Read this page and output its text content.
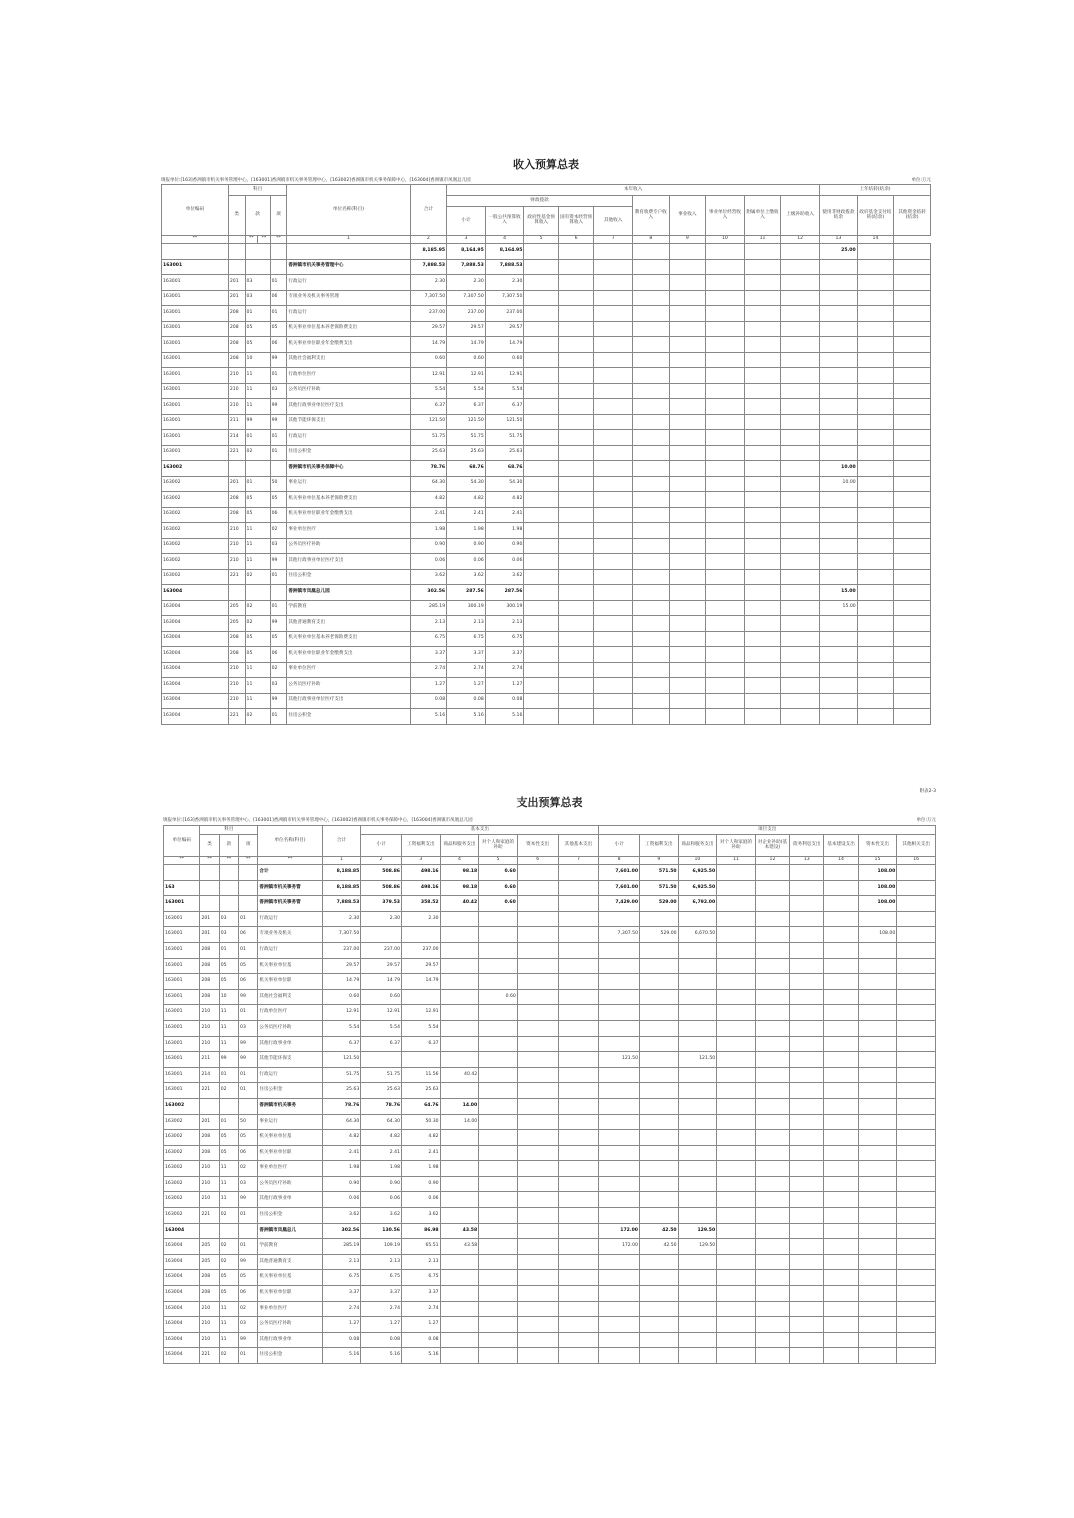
收入预算总表
填报单位:[163]香洲镇市机关事务管理中心，[163001]香洲镇市机关事务管理中心，[163002]香洲镇市机关事务保障中心，[163004]香洲镇市凤凰总儿园	单位:万元
单位编码	科目				单位名称(科目)	合计	本年收入										上年结转(结余)		
	类	款		项			财政拨款					教育收费专户收入	事业收入	事业单位经营收入	附属单位上缴收入	上级补助收入	使用非财政拨款结余	政府基金支付结转(结余)	其他资金结转(结余)
							小计	一般公共预算收入	政府性基金预算收入	国有资本经营预算收入	其他收入								

**		**	**	**	1	2	3	4	5	6	7	8	9	10	11	12	13	14	
						8,185.95	8,164.95	8,164.95									25.00		
163001					香洲镇市机关事务管理中心	7,888.53	7,888.53	7,888.53											
163001	201	03		01	行政运行	2.30	2.30	2.30											
163001	201	03		06	专项业务及机关事务管理	7,307.50	7,307.50	7,307.50											
163001	208	01		01	行政运行	237.00	237.00	237.00											
163001	208	05		05	机关事业单位基本养老保险费支出	29.57	29.57	29.57											
163001	208	05		06	机关事业单位职业年金缴费支出	14.79	14.79	14.79											
163001	208	10		99	其他社会福利支出	0.60	0.60	0.60											
163001	210	11		01	行政单位医疗	12.91	12.91	12.91											
163001	210	11		03	公务员医疗补助	5.54	5.54	5.54											
163001	210	11		99	其他行政事业单位医疗支出	6.37	6.37	6.37											
163001	211	99		99	其他节能环保支出	121.50	121.50	121.50											
163001	214	01		01	行政运行	51.75	51.75	51.75											
163001	221	02		01	住房公积金	25.63	25.63	25.63											
163002					香洲镇市机关事务保障中心	78.76	68.76	68.76									10.00		
163002	201	01		50	事业运行	64.30	54.30	54.30									10.00		
163002	208	05		05	机关事业单位基本养老保险费支出	4.82	4.82	4.82											
163002	208	05		06	机关事业单位职业年金缴费支出	2.41	2.41	2.41											
163002	210	11		02	事业单位医疗	1.98	1.98	1.98											
163002	210	11		03	公务员医疗补助	0.90	0.90	0.90											
163002	210	11		99	其他行政事业单位医疗支出	0.06	0.06	0.06											
163002	221	02		01	住房公积金	3.62	3.62	3.62											
163004					香洲镇市凤凰总儿园	302.56	287.56	287.56									15.00		
163004	205	02		01	学前教育	285.19	300.19	300.19									15.00		
163004	205	02		99	其他普通教育支出	2.13	2.13	2.13											
163004	208	05		05	机关事业单位基本养老保险费支出	6.75	6.75	6.75											
163004	208	05		06	机关事业单位职业年金缴费支出	3.37	3.37	3.37											
163004	210	11		02	事业单位医疗	2.74	2.74	2.74											
163004	210	11		03	公务员医疗补助	1.27	1.27	1.27											
163004	210	11		99	其他行政事业单位医疗支出	0.08	0.08	0.08											
163004	221	02		01	住房公积金	5.16	5.16	5.16											
附表2-3
支出预算总表
填报单位:[163]香洲镇市机关事务管理中心，[163001]香洲镇市机关事务管理中心，[163002]香洲镇市机关事务保障中心，[163004]香洲镇市凤凰总儿园	单位:万元
单位编码	科目			单位名称(科目)	合计	基本支出						项目支出								
	类	款	项			小计	工资福利支出	商品和服务支出	对个人和家庭的补助	资本性支出	其他基本支出	小计	工资福利支出	商品和服务支出	对个人和家庭的补助	对企业补助(基本建设)	债务利息支出	基本建设支出	资本性支出	其他相关支出
**	**	**	**	**	1	2	3	4	5	6	7	8	9	10	11	12	13	14	15	16
				合计	8,188.85	508.86	498.16	98.18	0.60			7,601.00	571.50	6,925.50					108.00	
163				香洲镇市机关事务管	8,188.85	508.86	498.16	98.18	0.60			7,601.00	571.50	6,925.50					108.00	
163001				香洲镇市机关事务管	7,888.53	379.53	358.52	40.42	0.60			7,429.00	529.00	6,792.00					108.00	
163001	201	03	01	行政运行	2.30	2.30	2.30													
163001	201	03	06	专项业务及机关	7,307.50							7,307.50	529.00	6,670.50					108.00	
163001	208	01	01	行政运行	237.00	237.00	237.00													
163001	208	05	05	机关事业单位基	29.57	29.57	29.57													
163001	208	05	06	机关事业单位职	14.79	14.79	14.79													
163001	208	10	99	其他社会福利支	0.60	0.60			0.60											
163001	210	11	01	行政单位医疗	12.91	12.91	12.91													
163001	210	11	03	公务员医疗补助	5.54	5.54	5.54													
163001	210	11	99	其他行政事业单	6.37	6.37	6.37													
163001	211	99	99	其他节能环保支	121.50							121.50		121.50						
163001	214	01	01	行政运行	51.75	51.75	11.56	40.42												
163001	221	02	01	住房公积金	25.63	25.63	25.63													
163002				香洲镇市机关事务	78.76	78.76	64.76	14.00												
163002	201	01	50	事业运行	64.30	64.30	50.30	14.00												
163002	208	05	05	机关事业单位基	4.82	4.82	4.82													
163002	208	05	06	机关事业单位职	2.41	2.41	2.41													
163002	210	11	02	事业单位医疗	1.98	1.98	1.98													
163002	210	11	03	公务员医疗补助	0.90	0.90	0.90													
163002	210	11	99	其他行政事业单	0.06	0.06	0.06													
163002	221	02	01	住房公积金	3.62	3.62	3.62													
163004				香洲镇市凤凰总儿	302.56	130.56	86.98	43.58				172.00	42.50	129.50						
163004	205	02	01	学前教育	285.19	109.19	65.51	43.58				172.00	42.50	129.50						
163004	205	02	99	其他普通教育支	2.13	2.13	2.13													
163004	208	05	05	机关事业单位基	6.75	6.75	6.75													
163004	208	05	06	机关事业单位职	3.37	3.37	3.37													
163004	210	11	02	事业单位医疗	2.74	2.74	2.74													
163004	210	11	03	公务员医疗补助	1.27	1.27	1.27													
163004	210	11	99	其他行政事业单	0.08	0.08	0.08													
163004	221	02	01	住房公积金	5.16	5.16	5.16													
